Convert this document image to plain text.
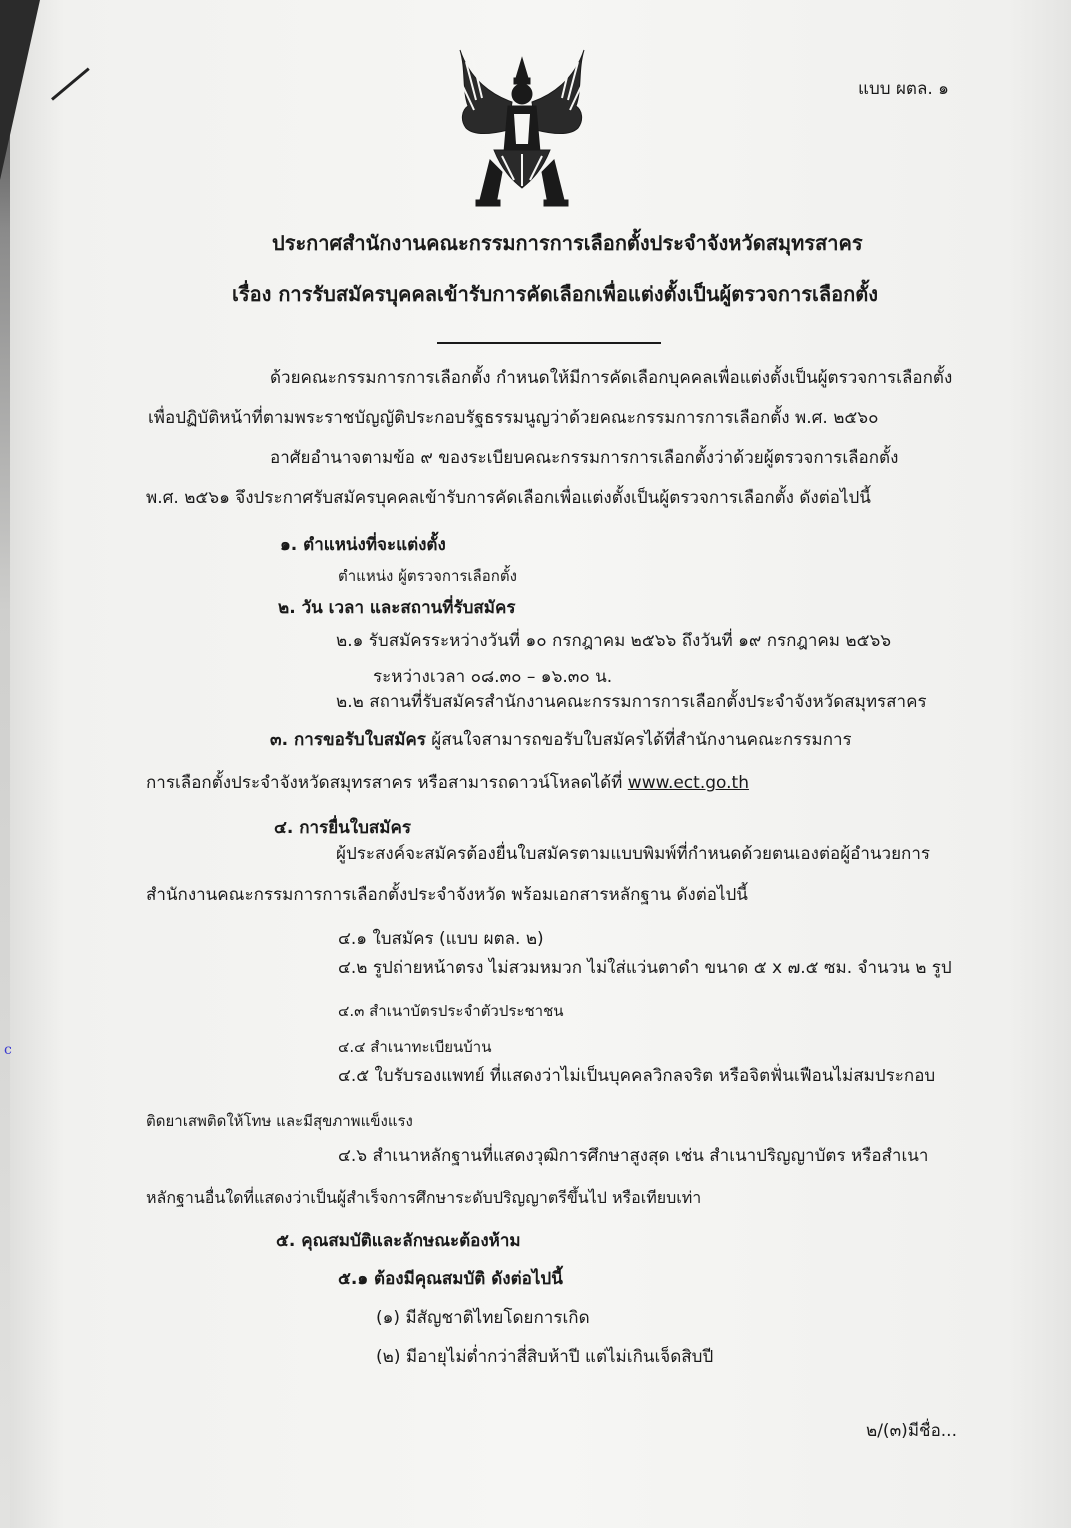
c
แบบ ผตล. ๑
ประกาศสำนักงานคณะกรรมการการเลือกตั้งประจำจังหวัดสมุทรสาคร
เรื่อง การรับสมัครบุคคลเข้ารับการคัดเลือกเพื่อแต่งตั้งเป็นผู้ตรวจการเลือกตั้ง
ด้วยคณะกรรมการการเลือกตั้ง กำหนดให้มีการคัดเลือกบุคคลเพื่อแต่งตั้งเป็นผู้ตรวจการเลือกตั้ง
เพื่อปฏิบัติหน้าที่ตามพระราชบัญญัติประกอบรัฐธรรมนูญว่าด้วยคณะกรรมการการเลือกตั้ง พ.ศ. ๒๕๖๐
อาศัยอำนาจตามข้อ ๙ ของระเบียบคณะกรรมการการเลือกตั้งว่าด้วยผู้ตรวจการเลือกตั้ง
พ.ศ. ๒๕๖๑ จึงประกาศรับสมัครบุคคลเข้ารับการคัดเลือกเพื่อแต่งตั้งเป็นผู้ตรวจการเลือกตั้ง ดังต่อไปนี้
๑. ตำแหน่งที่จะแต่งตั้ง
ตำแหน่ง ผู้ตรวจการเลือกตั้ง
๒. วัน เวลา และสถานที่รับสมัคร
๒.๑ รับสมัครระหว่างวันที่ ๑๐ กรกฎาคม ๒๕๖๖ ถึงวันที่ ๑๙ กรกฎาคม ๒๕๖๖
ระหว่างเวลา ๐๘.๓๐ – ๑๖.๓๐ น.
๒.๒ สถานที่รับสมัครสำนักงานคณะกรรมการการเลือกตั้งประจำจังหวัดสมุทรสาคร
๓. การขอรับใบสมัคร ผู้สนใจสามารถขอรับใบสมัครได้ที่สำนักงานคณะกรรมการ
การเลือกตั้งประจำจังหวัดสมุทรสาคร หรือสามารถดาวน์โหลดได้ที่ www.ect.go.th
๔. การยื่นใบสมัคร
ผู้ประสงค์จะสมัครต้องยื่นใบสมัครตามแบบพิมพ์ที่กำหนดด้วยตนเองต่อผู้อำนวยการ
สำนักงานคณะกรรมการการเลือกตั้งประจำจังหวัด พร้อมเอกสารหลักฐาน ดังต่อไปนี้
๔.๑ ใบสมัคร (แบบ ผตล. ๒)
๔.๒ รูปถ่ายหน้าตรง ไม่สวมหมวก ไม่ใส่แว่นตาดำ ขนาด ๕ x ๗.๕ ซม. จำนวน ๒ รูป
๔.๓ สำเนาบัตรประจำตัวประชาชน
๔.๔ สำเนาทะเบียนบ้าน
๔.๕ ใบรับรองแพทย์ ที่แสดงว่าไม่เป็นบุคคลวิกลจริต หรือจิตฟั่นเฟือนไม่สมประกอบ
ติดยาเสพติดให้โทษ และมีสุขภาพแข็งแรง
๔.๖ สำเนาหลักฐานที่แสดงวุฒิการศึกษาสูงสุด เช่น สำเนาปริญญาบัตร หรือสำเนา
หลักฐานอื่นใดที่แสดงว่าเป็นผู้สำเร็จการศึกษาระดับปริญญาตรีขึ้นไป หรือเทียบเท่า
๕. คุณสมบัติและลักษณะต้องห้าม
๕.๑ ต้องมีคุณสมบัติ ดังต่อไปนี้
(๑) มีสัญชาติไทยโดยการเกิด
(๒) มีอายุไม่ต่ำกว่าสี่สิบห้าปี แต่ไม่เกินเจ็ดสิบปี
๒/(๓)มีชื่อ...
